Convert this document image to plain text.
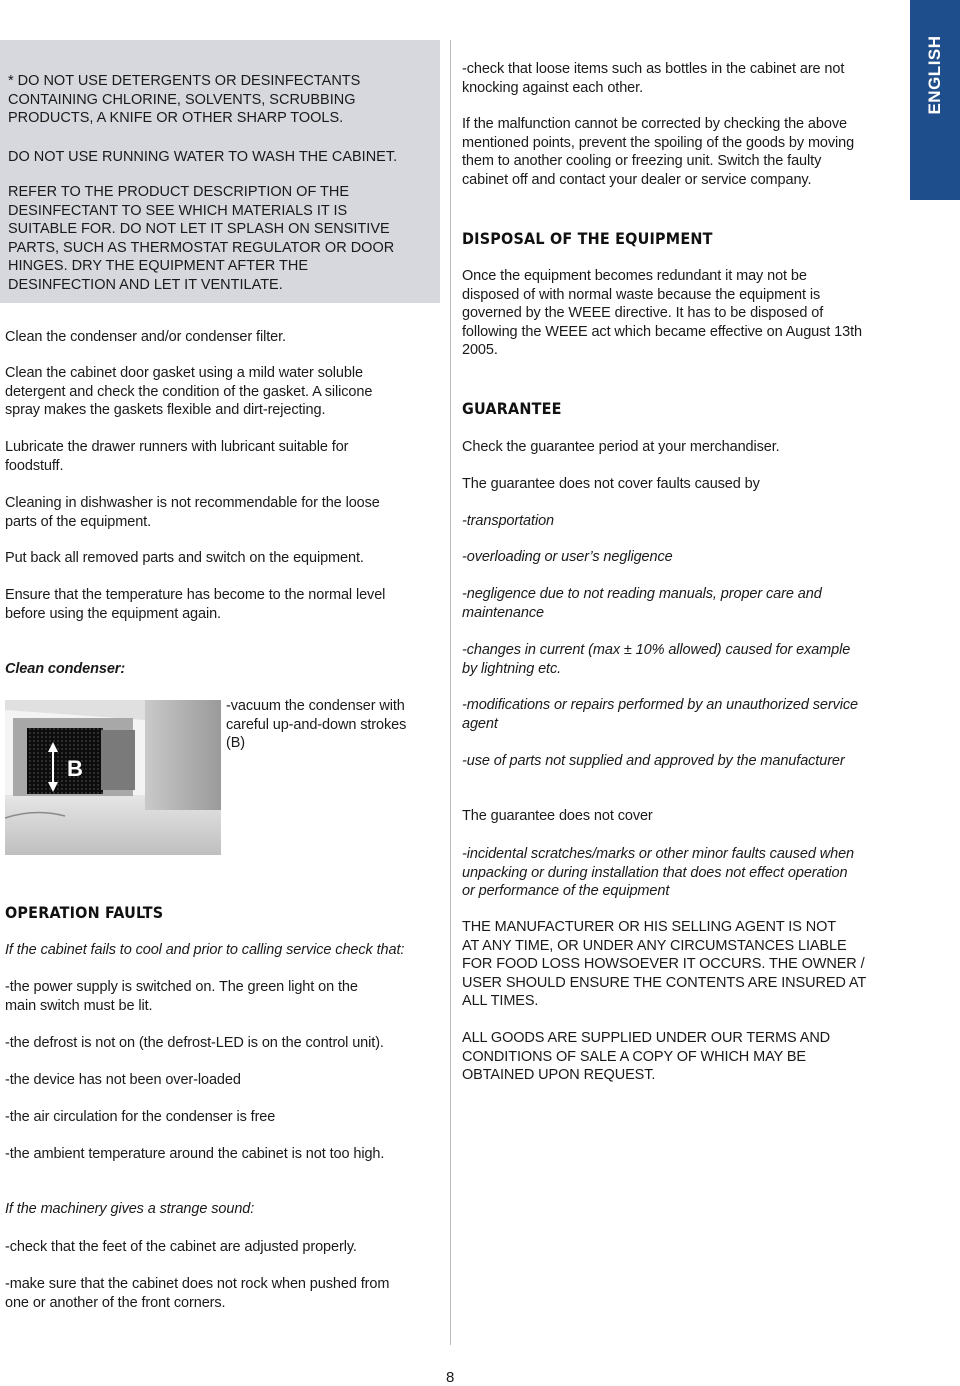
ENGLISH

* DO NOT USE DETERGENTS OR DESINFECTANTS
CONTAINING CHLORINE, SOLVENTS, SCRUBBING
PRODUCTS, A KNIFE OR OTHER SHARP TOOLS.

DO NOT USE RUNNING WATER TO WASH THE CABINET.

REFER TO THE PRODUCT DESCRIPTION OF THE
DESINFECTANT TO SEE WHICH MATERIALS IT IS
SUITABLE FOR. DO NOT LET IT SPLASH ON SENSITIVE
PARTS, SUCH AS THERMOSTAT REGULATOR OR DOOR
HINGES. DRY THE EQUIPMENT AFTER THE
DESINFECTION AND LET IT VENTILATE.

Clean the condenser and/or condenser filter.

Clean the cabinet door gasket using a mild water soluble
detergent and check the condition of the gasket. A silicone
spray makes the gaskets flexible and dirt-rejecting.

Lubricate the drawer runners with lubricant suitable for
foodstuff.

Cleaning in dishwasher is not recommendable for the loose
parts of the equipment.

Put back all removed parts and switch on the equipment.

Ensure that the temperature has become to the normal level
before using the equipment again.

Clean condenser:

B

-vacuum the condenser with
careful up-and-down strokes
(B)

OPERATION FAULTS

If the cabinet fails to cool and prior to calling service check that:

-the power supply is switched on. The green light on the
main switch must be lit.

-the defrost is not on (the defrost-LED is on the control unit).

-the device has not been over-loaded

-the air circulation for the condenser is free

-the ambient temperature around the cabinet is not too high.

If the machinery gives a strange sound:

-check that the feet of the cabinet are adjusted properly.

-make sure that the cabinet does not rock when pushed from
one or another of the front corners.

-check that loose items such as bottles in the cabinet are not
knocking against each other.

If the malfunction cannot be corrected by checking the above
mentioned points, prevent the spoiling of the goods by moving
them to another cooling or freezing unit. Switch the faulty
cabinet off and contact your dealer or service company.

DISPOSAL OF THE EQUIPMENT

Once the equipment becomes redundant it may not be
disposed of with normal waste because the equipment is
governed by the WEEE directive. It has to be disposed of
following the WEEE act which became effective on August 13th
2005.

GUARANTEE

Check the guarantee period at your merchandiser.

The guarantee does not cover faults caused by

-transportation

-overloading or user’s negligence

-negligence due to not reading manuals, proper care and
maintenance

-changes in current (max ± 10% allowed) caused for example
by lightning etc.

-modifications or repairs performed by an unauthorized service
agent

-use of parts not supplied and approved by the manufacturer

The guarantee does not cover

-incidental scratches/marks or other minor faults caused when
unpacking or during installation that does not effect operation
or performance of the equipment

THE MANUFACTURER OR HIS SELLING AGENT IS NOT
AT ANY TIME, OR UNDER ANY CIRCUMSTANCES LIABLE
FOR FOOD LOSS HOWSOEVER IT OCCURS. THE OWNER /
USER SHOULD ENSURE THE CONTENTS ARE INSURED AT
ALL TIMES.

ALL GOODS ARE SUPPLIED UNDER OUR TERMS AND
CONDITIONS OF SALE A COPY OF WHICH MAY BE
OBTAINED UPON REQUEST.

8
